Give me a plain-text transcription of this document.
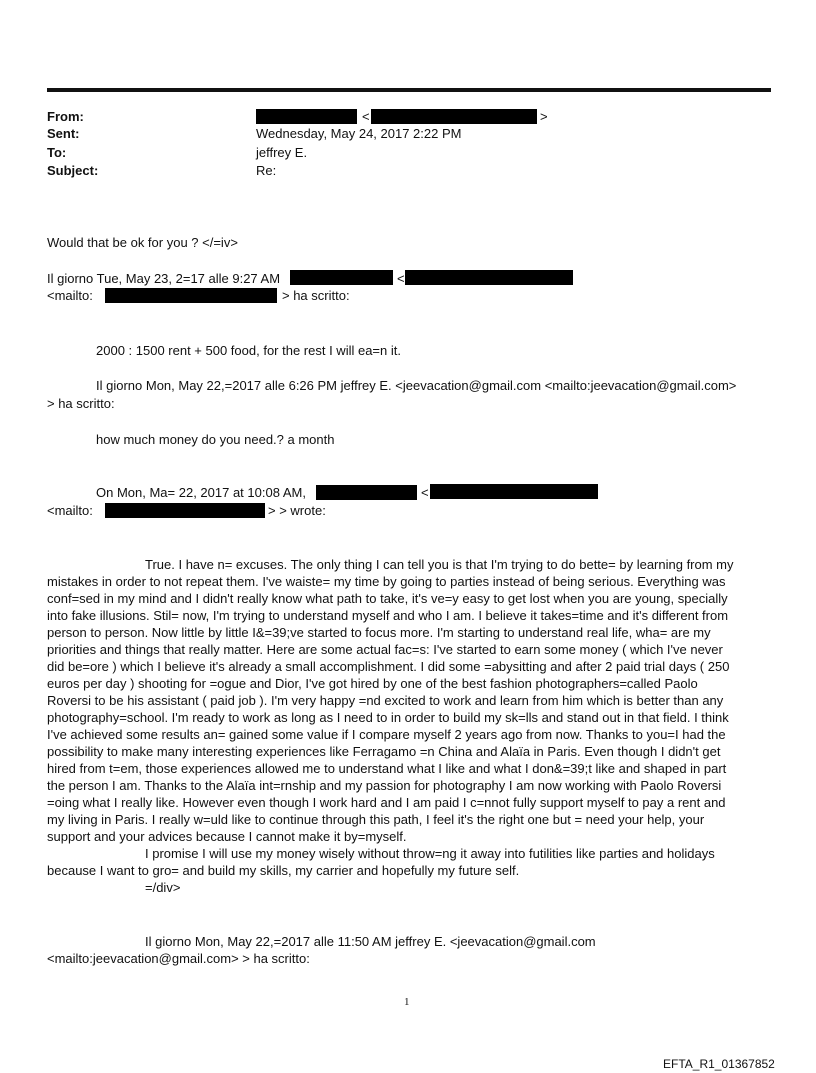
From:	<	>
Sent:	Wednesday, May 24, 2017 2:22 PM
To:	jeffrey E.
Subject:	Re:
Would that be ok for you ? </=iv>
Il giorno Tue, May 23, 2=17 alle 9:27 AM	<
<mailto:	> ha scritto:
2000 : 1500 rent + 500 food, for the rest I will ea=n it.
Il giorno Mon, May 22,=2017 alle 6:26 PM jeffrey E. <jeevacation@gmail.com <mailto:jeevacation@gmail.com>
> ha scritto:
how much money do you need.? a month
On Mon, Ma= 22, 2017 at 10:08 AM,	<
<mailto:	> > wrote:
True. I have n= excuses. The only thing I can tell you is that I'm trying to do bette= by learning from my
mistakes in order to not repeat them. I've waiste= my time by going to parties instead of being serious. Everything was
conf=sed in my mind and I didn't really know what path to take, it's ve=y easy to get lost when you are young, specially
into fake illusions. Stil= now, I'm trying to understand myself and who I am. I believe it takes=time and it's different from
person to person. Now little by little I&=39;ve started to focus more. I'm starting to understand real life, wha= are my
priorities and things that really matter. Here are some actual fac=s: I've started to earn some money ( which I've never
did be=ore ) which I believe it's already a small accomplishment. I did some =abysitting and after 2 paid trial days ( 250
euros per day ) shooting for =ogue and Dior, I've got hired by one of the best fashion photographers=called Paolo
Roversi to be his assistant ( paid job ). I'm very happy =nd excited to work and learn from him which is better than any
photography=school. I'm ready to work as long as I need to in order to build my sk=lls and stand out in that field. I think
I've achieved some results an= gained some value if I compare myself 2 years ago from now. Thanks to you=I had the
possibility to make many interesting experiences like Ferragamo =n China and Alaïa in Paris. Even though I didn't get
hired from t=em, those experiences allowed me to understand what I like and what I don&=39;t like and shaped in part
the person I am. Thanks to the Alaïa int=rnship and my passion for photography I am now working with Paolo Roversi
=oing what I really like. However even though I work hard and I am paid I c=nnot fully support myself to pay a rent and
my living in Paris. I really w=uld like to continue through this path, I feel it's the right one but = need your help, your
support and your advices because I cannot make it by=myself.
I promise I will use my money wisely without throw=ng it away into futilities like parties and holidays
because I want to gro= and build my skills, my carrier and hopefully my future self.
=/div>
Il giorno Mon, May 22,=2017 alle 11:50 AM jeffrey E. <jeevacation@gmail.com
<mailto:jeevacation@gmail.com> > ha scritto:
1
EFTA_R1_01367852
